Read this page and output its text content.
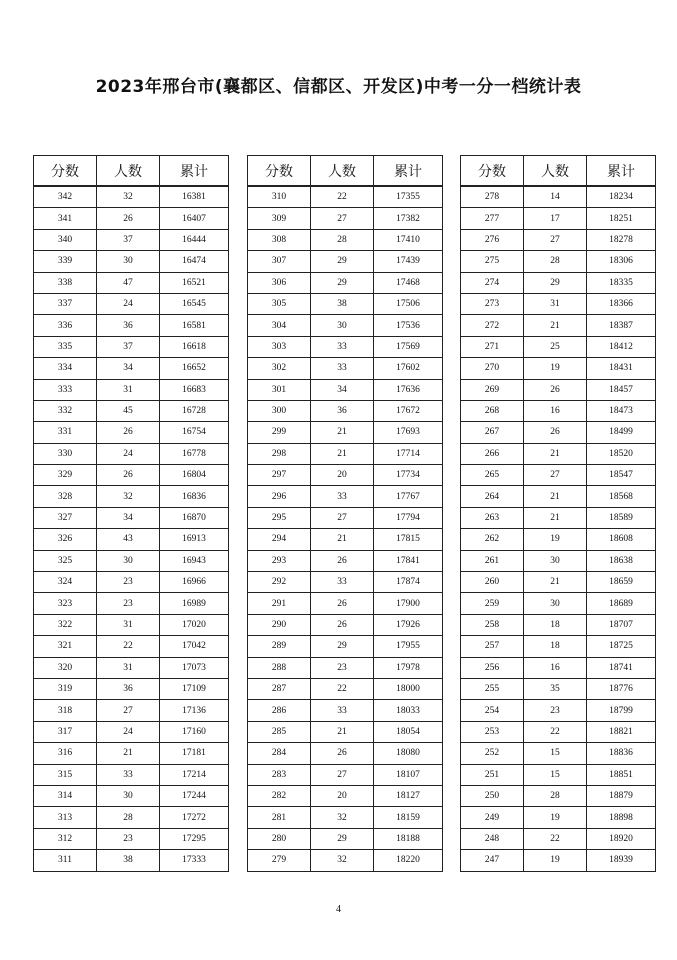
2023年邢台市(襄都区、信都区、开发区)中考一分一档统计表
分数	人数	累计
342	32	16381
341	26	16407
340	37	16444
339	30	16474
338	47	16521
337	24	16545
336	36	16581
335	37	16618
334	34	16652
333	31	16683
332	45	16728
331	26	16754
330	24	16778
329	26	16804
328	32	16836
327	34	16870
326	43	16913
325	30	16943
324	23	16966
323	23	16989
322	31	17020
321	22	17042
320	31	17073
319	36	17109
318	27	17136
317	24	17160
316	21	17181
315	33	17214
314	30	17244
313	28	17272
312	23	17295
311	38	17333
分数	人数	累计
310	22	17355
309	27	17382
308	28	17410
307	29	17439
306	29	17468
305	38	17506
304	30	17536
303	33	17569
302	33	17602
301	34	17636
300	36	17672
299	21	17693
298	21	17714
297	20	17734
296	33	17767
295	27	17794
294	21	17815
293	26	17841
292	33	17874
291	26	17900
290	26	17926
289	29	17955
288	23	17978
287	22	18000
286	33	18033
285	21	18054
284	26	18080
283	27	18107
282	20	18127
281	32	18159
280	29	18188
279	32	18220
分数	人数	累计
278	14	18234
277	17	18251
276	27	18278
275	28	18306
274	29	18335
273	31	18366
272	21	18387
271	25	18412
270	19	18431
269	26	18457
268	16	18473
267	26	18499
266	21	18520
265	27	18547
264	21	18568
263	21	18589
262	19	18608
261	30	18638
260	21	18659
259	30	18689
258	18	18707
257	18	18725
256	16	18741
255	35	18776
254	23	18799
253	22	18821
252	15	18836
251	15	18851
250	28	18879
249	19	18898
248	22	18920
247	19	18939
4
